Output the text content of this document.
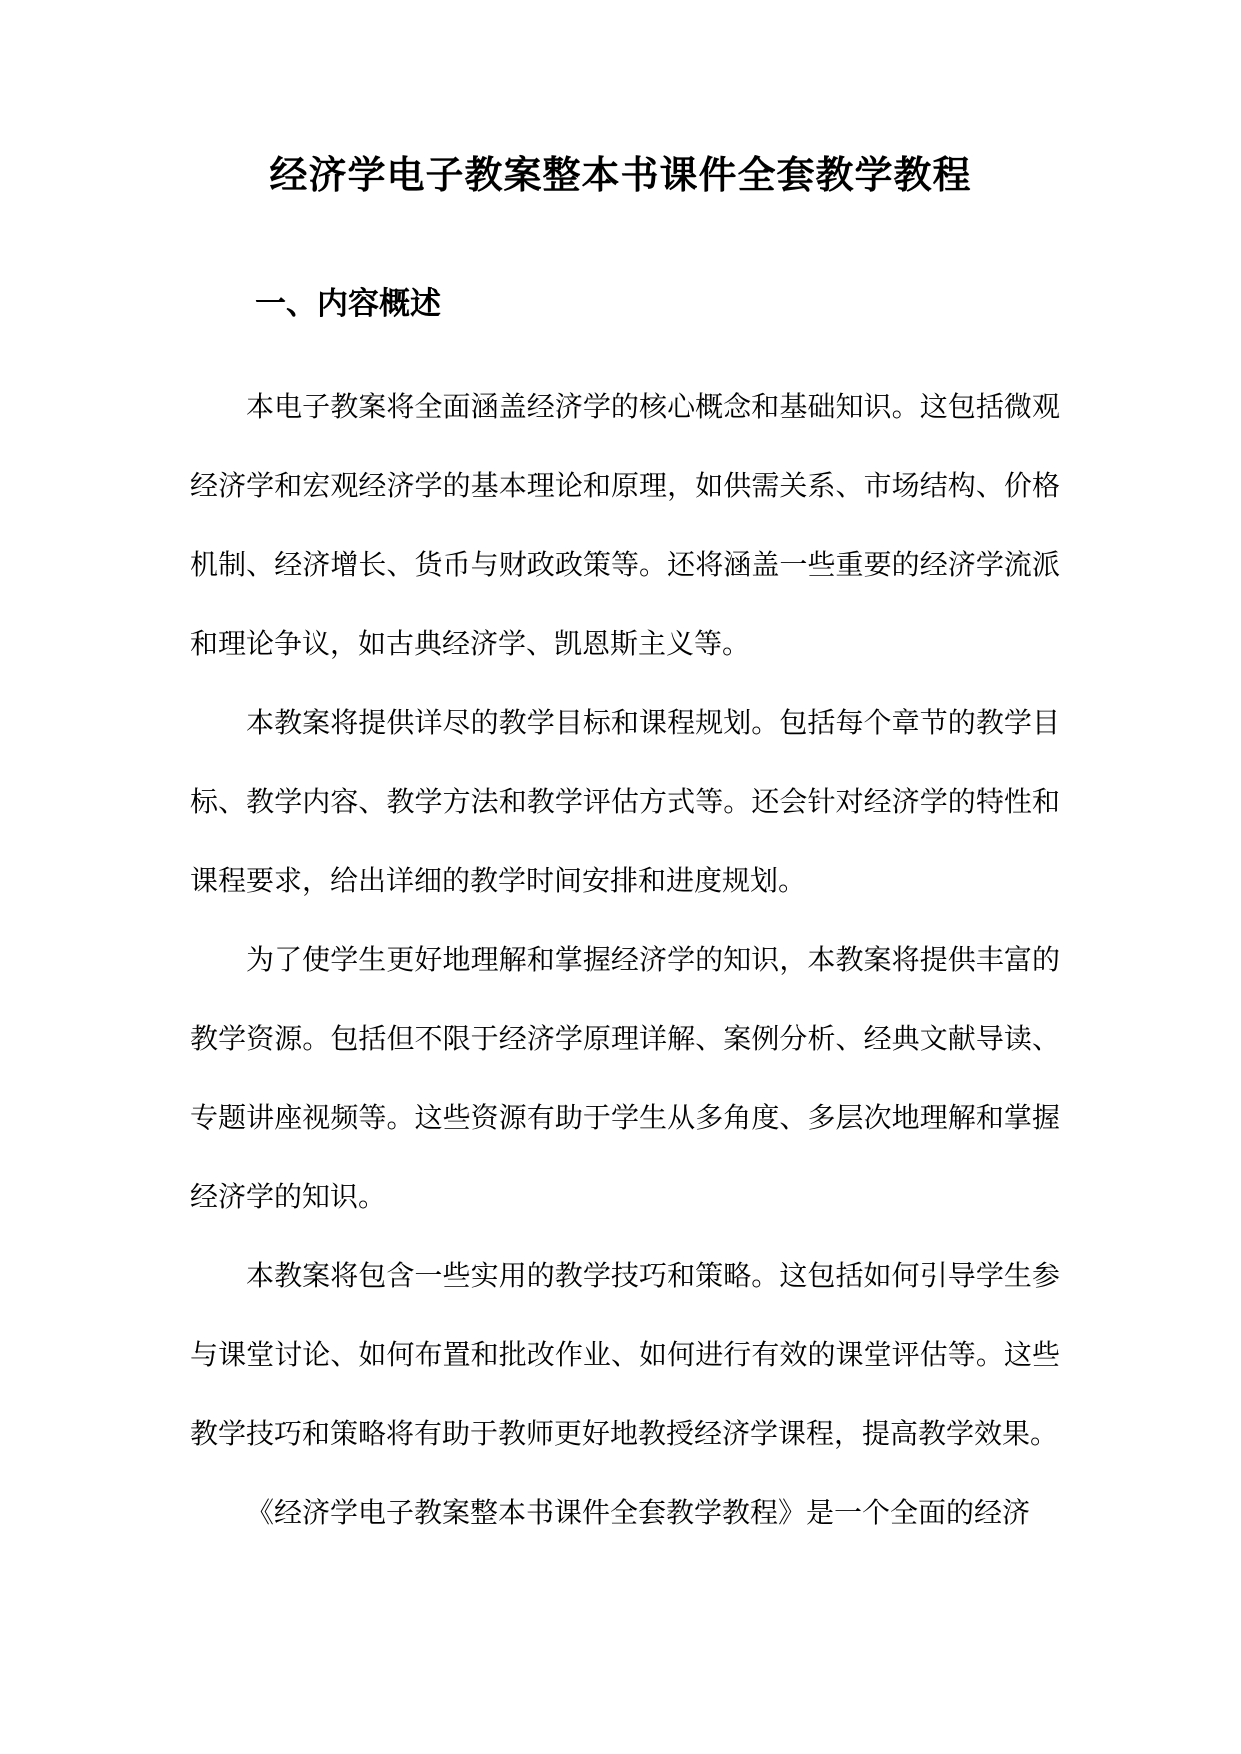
经济学电子教案整本书课件全套教学教程
一、内容概述

本电子教案将全面涵盖经济学的核心概念和基础知识。这包括微观经济学和宏观经济学的基本理论和原理，如供需关系、市场结构、价格机制、经济增长、货币与财政政策等。还将涵盖一些重要的经济学流派和理论争议，如古典经济学、凯恩斯主义等。

本教案将提供详尽的教学目标和课程规划。包括每个章节的教学目标、教学内容、教学方法和教学评估方式等。还会针对经济学的特性和课程要求，给出详细的教学时间安排和进度规划。

为了使学生更好地理解和掌握经济学的知识，本教案将提供丰富的教学资源。包括但不限于经济学原理详解、案例分析、经典文献导读、专题讲座视频等。这些资源有助于学生从多角度、多层次地理解和掌握经济学的知识。

本教案将包含一些实用的教学技巧和策略。这包括如何引导学生参与课堂讨论、如何布置和批改作业、如何进行有效的课堂评估等。这些教学技巧和策略将有助于教师更好地教授经济学课程，提高教学效果。

《经济学电子教案整本书课件全套教学教程》是一个全面的经济
